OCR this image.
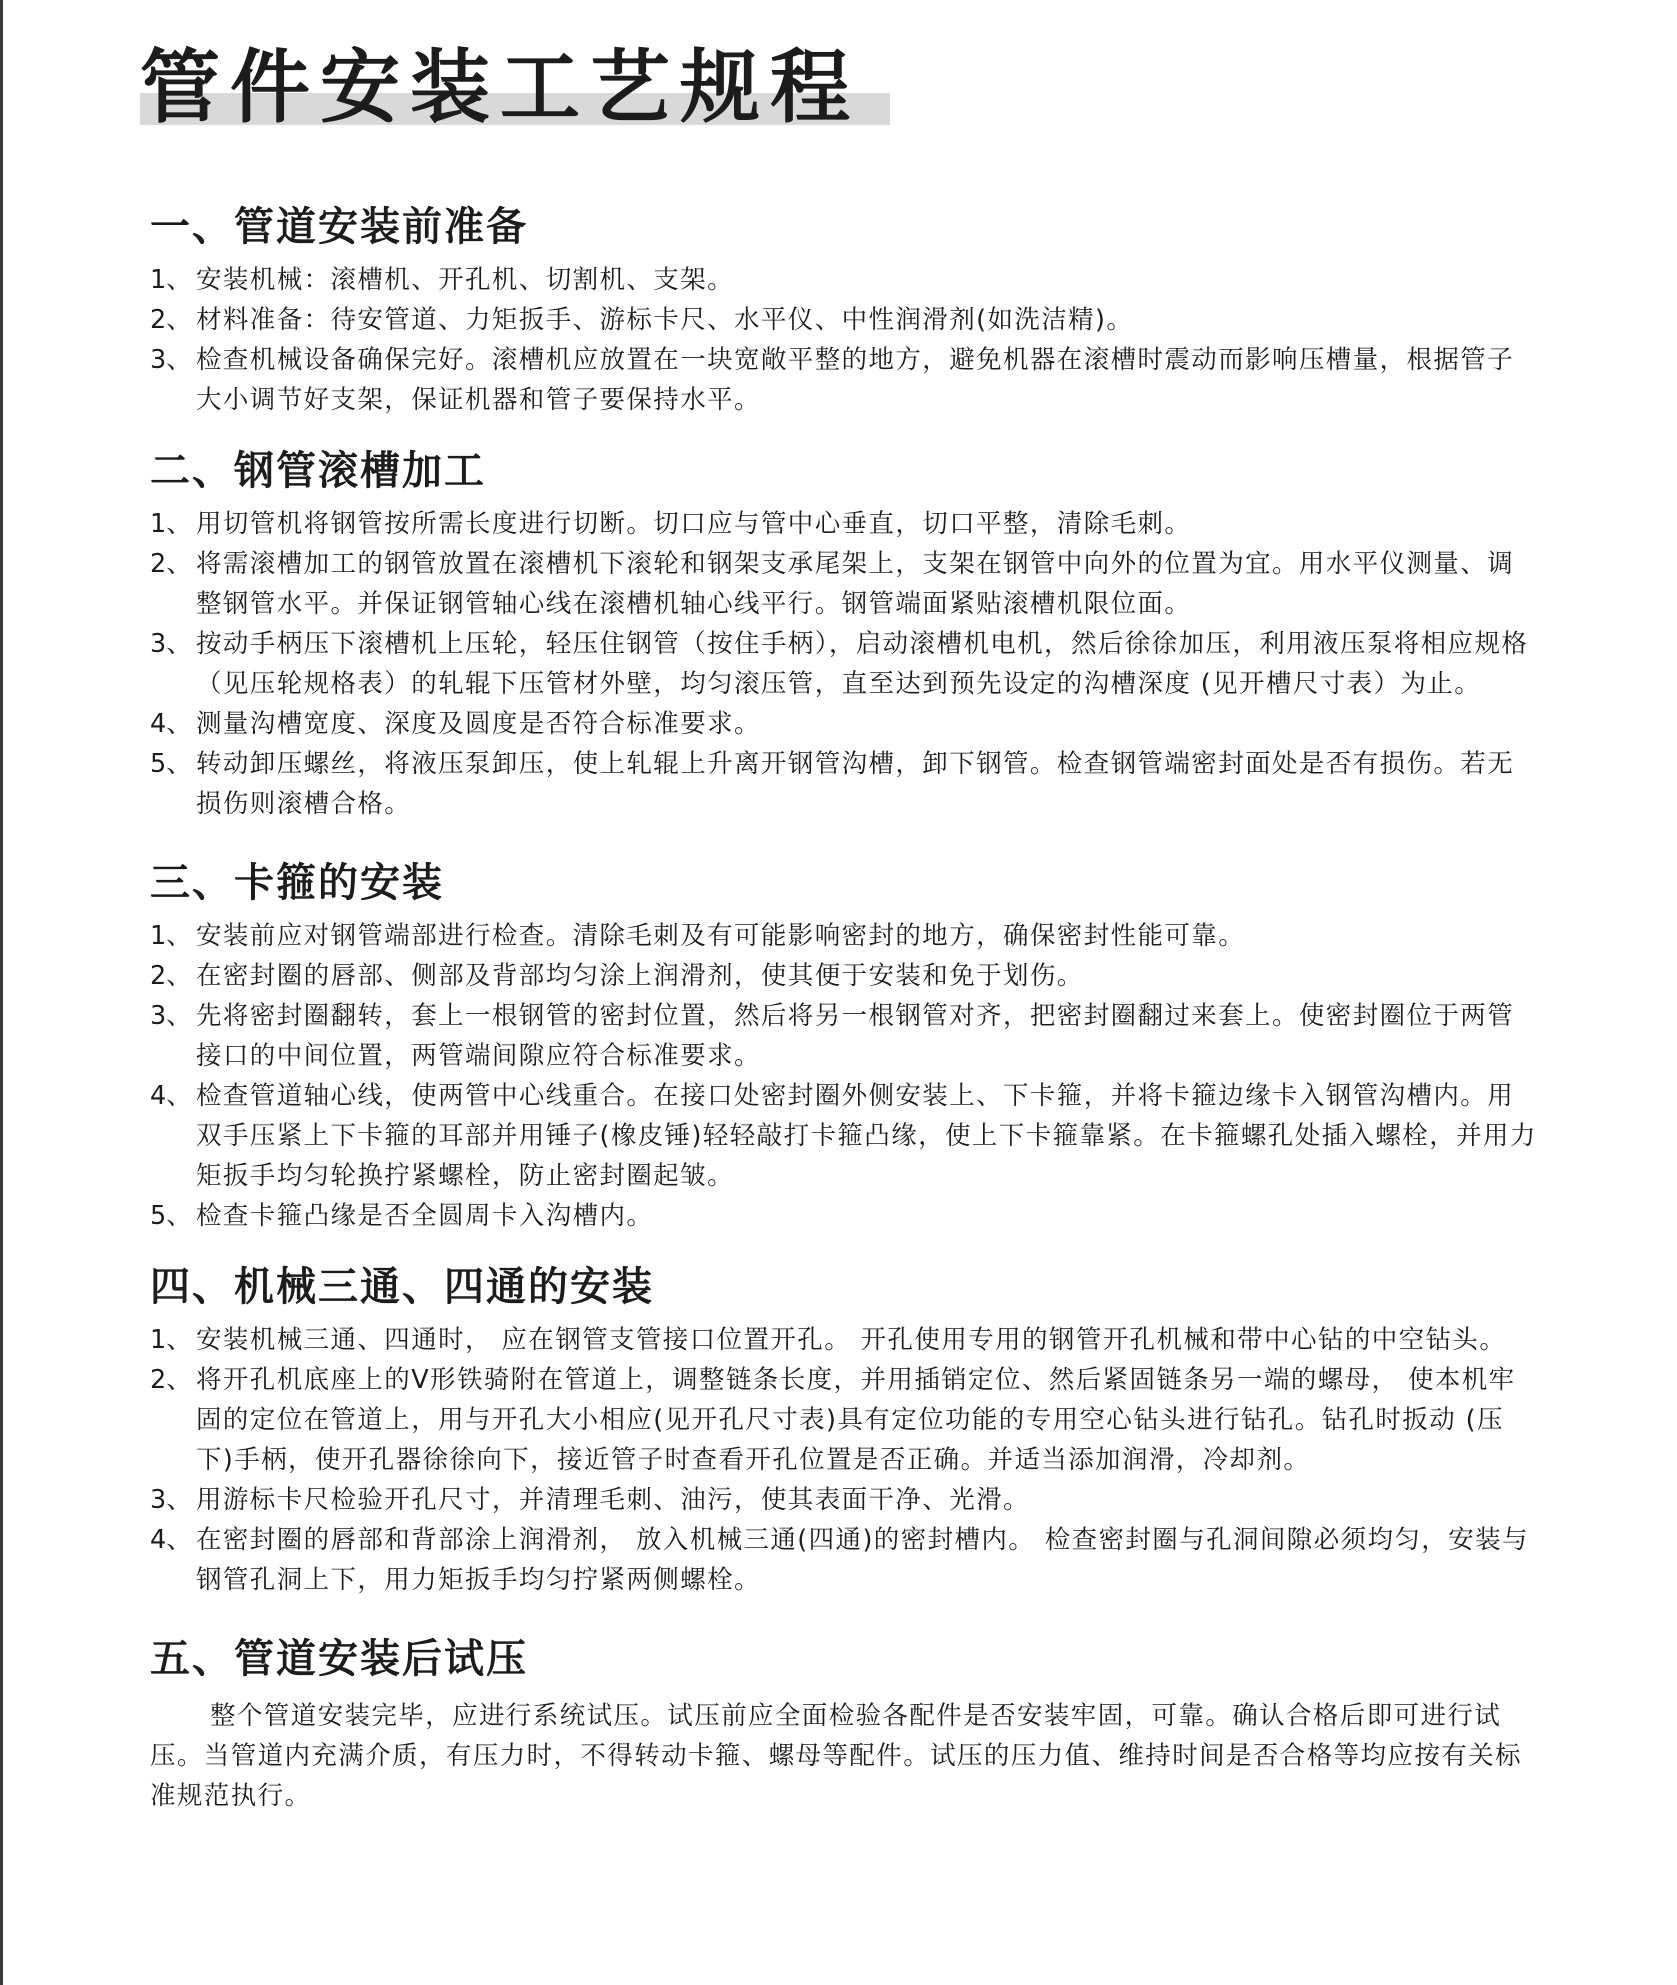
管件安装工艺规程
一、管道安装前准备
1、 安装机械：滚槽机、开孔机、切割机、支架。
2、 材料准备：待安管道、力矩扳手、游标卡尺、水平仪、中性润滑剂(如洗洁精)。
3、 检查机械设备确保完好。滚槽机应放置在一块宽敞平整的地方，避免机器在滚槽时震动而影响压槽量，根据管子大小调节好支架，保证机器和管子要保持水平。
二、钢管滚槽加工
1、 用切管机将钢管按所需长度进行切断。切口应与管中心垂直，切口平整，清除毛刺。
2、 将需滚槽加工的钢管放置在滚槽机下滚轮和钢架支承尾架上，支架在钢管中向外的位置为宜。用水平仪测量、调整钢管水平。并保证钢管轴心线在滚槽机轴心线平行。钢管端面紧贴滚槽机限位面。
3、 按动手柄压下滚槽机上压轮，轻压住钢管（按住手柄），启动滚槽机电机，然后徐徐加压，利用液压泵将相应规格（见压轮规格表）的轧辊下压管材外壁，均匀滚压管，直至达到预先设定的沟槽深度 (见开槽尺寸表）为止。
4、 测量沟槽宽度、深度及圆度是否符合标准要求。
5、 转动卸压螺丝，将液压泵卸压，使上轧辊上升离开钢管沟槽，卸下钢管。检查钢管端密封面处是否有损伤。若无损伤则滚槽合格。
三、卡箍的安装
1、 安装前应对钢管端部进行检查。清除毛刺及有可能影响密封的地方，确保密封性能可靠。
2、 在密封圈的唇部、侧部及背部均匀涂上润滑剂，使其便于安装和免于划伤。
3、 先将密封圈翻转，套上一根钢管的密封位置，然后将另一根钢管对齐，把密封圈翻过来套上。使密封圈位于两管接口的中间位置，两管端间隙应符合标准要求。
4、 检查管道轴心线，使两管中心线重合。在接口处密封圈外侧安装上、下卡箍，并将卡箍边缘卡入钢管沟槽内。用双手压紧上下卡箍的耳部并用锤子(橡皮锤)轻轻敲打卡箍凸缘，使上下卡箍靠紧。在卡箍螺孔处插入螺栓，并用力矩扳手均匀轮换拧紧螺栓，防止密封圈起皱。
5、 检查卡箍凸缘是否全圆周卡入沟槽内。
四、机械三通、四通的安装
1、 安装机械三通、四通时， 应在钢管支管接口位置开孔。 开孔使用专用的钢管开孔机械和带中心钻的中空钻头。
2、 将开孔机底座上的V形铁骑附在管道上，调整链条长度，并用插销定位、然后紧固链条另一端的螺母， 使本机牢固的定位在管道上，用与开孔大小相应(见开孔尺寸表)具有定位功能的专用空心钻头进行钻孔。钻孔时扳动 (压下)手柄，使开孔器徐徐向下，接近管子时查看开孔位置是否正确。并适当添加润滑，冷却剂。
3、 用游标卡尺检验开孔尺寸，并清理毛刺、油污，使其表面干净、光滑。
4、 在密封圈的唇部和背部涂上润滑剂， 放入机械三通(四通)的密封槽内。 检查密封圈与孔洞间隙必须均匀，安装与钢管孔洞上下，用力矩扳手均匀拧紧两侧螺栓。
五、管道安装后试压

整个管道安装完毕，应进行系统试压。试压前应全面检验各配件是否安装牢固，可靠。确认合格后即可进行试压。当管道内充满介质，有压力时，不得转动卡箍、螺母等配件。试压的压力值、维持时间是否合格等均应按有关标准规范执行。
